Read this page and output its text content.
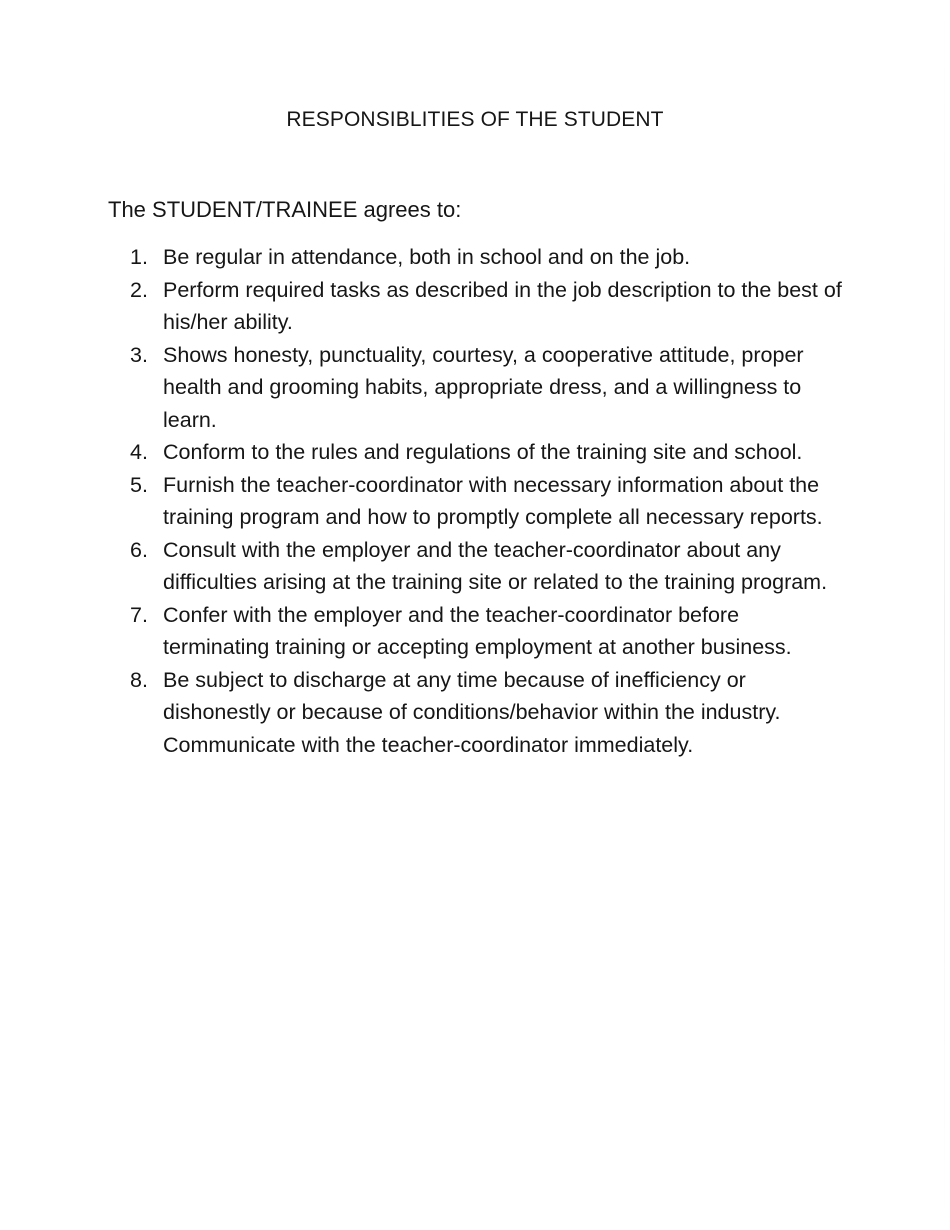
RESPONSIBLITIES OF THE STUDENT
The STUDENT/TRAINEE agrees to:
1. Be regular in attendance, both in school and on the job.
2. Perform required tasks as described in the job description to the best of his/her ability.
3. Shows honesty, punctuality, courtesy, a cooperative attitude, proper health and grooming habits, appropriate dress, and a willingness to learn.
4. Conform to the rules and regulations of the training site and school.
5. Furnish the teacher-coordinator with necessary information about the training program and how to promptly complete all necessary reports.
6. Consult with the employer and the teacher-coordinator about any difficulties arising at the training site or related to the training program.
7. Confer with the employer and the teacher-coordinator before terminating training or accepting employment at another business.
8. Be subject to discharge at any time because of inefficiency or dishonestly or because of conditions/behavior within the industry. Communicate with the teacher-coordinator immediately.
